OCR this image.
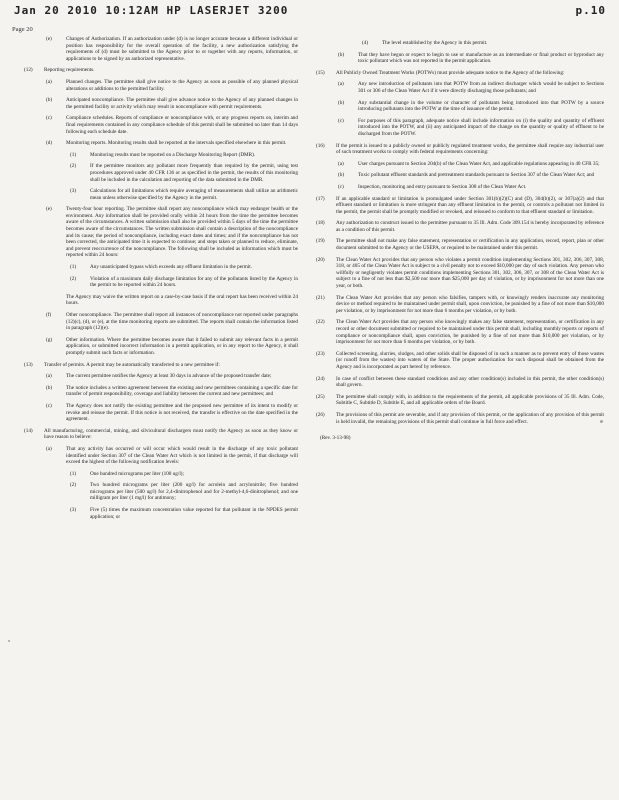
Jan 20 2010 10:12AM HP LASERJET 3200	p.10
Page 20
(e)	Changes of Authorization. If an authorization under (d) is no longer accurate because a different individual or position has responsibility for the overall operation of the facility, a new authorization satisfying the requirements of (d) must be submitted to the Agency prior to or together with any reports, information, or applications to be signed by an authorized representative.
(12) Reporting requirements.
(a)	Planned changes. The permittee shall give notice to the Agency as soon as possible of any planned physical alterations or additions to the permitted facility.
(b)	Anticipated noncompliance. The permittee shall give advance notice to the Agency of any planned changes in the permitted facility or activity which may result in noncompliance with permit requirements.
(c)	Compliance schedules. Reports of compliance or noncompliance with, or any progress reports on, interim and final requirements contained in any compliance schedule of this permit shall be submitted no later than 14 days following each schedule date.
(d)	Monitoring reports. Monitoring results shall be reported at the intervals specified elsewhere in this permit.
(1)	Monitoring results must be reported on a Discharge Monitoring Report (DMR).
(2)	If the permittee monitors any pollutant more frequently than required by the permit, using test procedures approved under 40 CFR 136 or as specified in the permit, the results of this monitoring shall be included in the calculation and reporting of the data submitted in the DMR.
(3)	Calculations for all limitations which require averaging of measurements shall utilize an arithmetic mean unless otherwise specified by the Agency in the permit.
(e)	Twenty-four hour reporting. The permittee shall report any noncompliance which may endanger health or the environment. Any information shall be provided orally within 24 hours from the time the permittee becomes aware of the circumstances. A written submission shall also be provided within 5 days of the time the permittee becomes aware of the circumstances. The written submission shall contain a description of the noncompliance and its cause; the period of noncompliance, including exact dates and times; and if the noncompliance has not been corrected, the anticipated time it is expected to continue; and steps taken or planned to reduce, eliminate, and prevent reoccurrence of the noncompliance. The following shall be included as information which must be reported within 24 hours:
(1)	Any unanticipated bypass which exceeds any effluent limitation in the permit.
(2)	Violation of a maximum daily discharge limitation for any of the pollutants listed by the Agency in the permit to be reported within 24 hours.
The Agency may waive the written report on a case-by-case basis if the oral report has been received within 24 hours.
(f)	Other noncompliance. The permittee shall report all instances of noncompliance not reported under paragraphs (12)(c), (d), or (e), at the time monitoring reports are submitted. The reports shall contain the information listed in paragraph (12)(e).
(g)	Other information. Where the permittee becomes aware that it failed to submit any relevant facts in a permit application, or submitted incorrect information in a permit application, or in any report to the Agency, it shall promptly submit such facts or information.
(13) Transfer of permits. A permit may be automatically transferred to a new permittee if:
(a)	The current permittee notifies the Agency at least 30 days in advance of the proposed transfer date;
(b)	The notice includes a written agreement between the existing and new permittees containing a specific date for transfer of permit responsibility, coverage and liability between the current and new permittees; and
(c)	The Agency does not notify the existing permittee and the proposed new permittee of its intent to modify or revoke and reissue the permit. If this notice is not received, the transfer is effective on the date specified in the agreement.
(14) All manufacturing, commercial, mining, and silvicultural dischargers must notify the Agency as soon as they know or have reason to believe:
(a)	That any activity has occurred or will occur which would result in the discharge of any toxic pollutant identified under Section 307 of the Clean Water Act which is not limited in the permit, if that discharge will exceed the highest of the following notification levels:
(1)	One hundred micrograms per liter (100 ug/l);
(2)	Two hundred micrograms per liter (200 ug/l) for acrolein and acrylonitrile; five hundred micrograms per liter (500 ug/l) for 2,4-dinitrophenol and for 2-methyl-4,6-dinitrophenol; and one milligram per liter (1 mg/l) for antimony;
(3)	Five (5) times the maximum concentration value reported for that pollutant in the NPDES permit application; or
(4)	The level established by the Agency in this permit.
(b)	That they have begun or expect to begin to use or manufacture as an intermediate or final product or byproduct any toxic pollutant which was not reported in the permit application.
(15) All Publicly Owned Treatment Works (POTWs) must provide adequate notice to the Agency of the following:
(a)	Any new introduction of pollutants into that POTW from an indirect discharger which would be subject to Sections 301 or 306 of the Clean Water Act if it were directly discharging those pollutants; and
(b)	Any substantial change in the volume or character of pollutants being introduced into that POTW by a source introducing pollutants into the POTW at the time of issuance of the permit.
(c)	For purposes of this paragraph, adequate notice shall include information on (i) the quality and quantity of effluent introduced into the POTW, and (ii) any anticipated impact of the change on the quantity or quality of effluent to be discharged from the POTW.
(16) If the permit is issued to a publicly owned or publicly regulated treatment works, the permittee shall require any industrial user of such treatment works to comply with federal requirements concerning:
(a)	User charges pursuant to Section 204(b) of the Clean Water Act, and applicable regulations appearing in 40 CFR 35;
(b)	Toxic pollutant effluent standards and pretreatment standards pursuant to Section 307 of the Clean Water Act; and
(c)	Inspection, monitoring and entry pursuant to Section 308 of the Clean Water Act.
(17) If an applicable standard or limitation is promulgated under Section 301(b)(2)(C) and (D), 304(b)(2), or 307(a)(2) and that effluent standard or limitation is more stringent than any effluent limitation in the permit, or controls a pollutant not limited in the permit, the permit shall be promptly modified or revoked, and reissued to conform to that effluent standard or limitation.
(18) Any authorization to construct issued to the permittee pursuant to 35 Ill. Adm. Code 309.154 is hereby incorporated by reference as a condition of this permit.
(19) The permittee shall not make any false statement, representation or certification in any application, record, report, plan or other document submitted to the Agency or the USEPA, or required to be maintained under this permit.
(20) The Clean Water Act provides that any person who violates a permit condition implementing Sections 301, 302, 306, 307, 308, 318, or 405 of the Clean Water Act is subject to a civil penalty not to exceed $10,000 per day of such violation. Any person who willfully or negligently violates permit conditions implementing Sections 301, 302, 306, 307, or 308 of the Clean Water Act is subject to a fine of not less than $2,500 nor more than $25,000 per day of violation, or by imprisonment for not more than one year, or both.
(21) The Clean Water Act provides that any person who falsifies, tampers with, or knowingly renders inaccurate any monitoring device or method required to be maintained under permit shall, upon conviction, be punished by a fine of not more than $10,000 per violation, or by imprisonment for not more than 6 months per violation, or by both.
(22) The Clean Water Act provides that any person who knowingly makes any false statement, representation, or certification in any record or other document submitted or required to be maintained under this permit shall, including monthly reports or reports of compliance or noncompliance shall, upon conviction, be punished by a fine of not more than $10,000 per violation, or by imprisonment for not more than 6 months per violation, or by both.
(23) Collected screening, slurries, sludges, and other solids shall be disposed of in such a manner as to prevent entry of those wastes (or runoff from the wastes) into waters of the State. The proper authorization for such disposal shall be obtained from the Agency and is incorporated as part hereof by reference.
(24) In case of conflict between these standard conditions and any other condition(s) included in this permit, the other condition(s) shall govern.
(25) The permittee shall comply with, in addition to the requirements of the permit, all applicable provisions of 35 Ill. Adm. Code, Subtitle C, Subtitle D, Subtitle E, and all applicable orders of the Board.
(26) The provisions of this permit are severable, and if any provision of this permit, or the application of any provision of this permit is held invalid, the remaining provisions of this permit shall continue in full force and effect.
(Rev. 3-13-98)
